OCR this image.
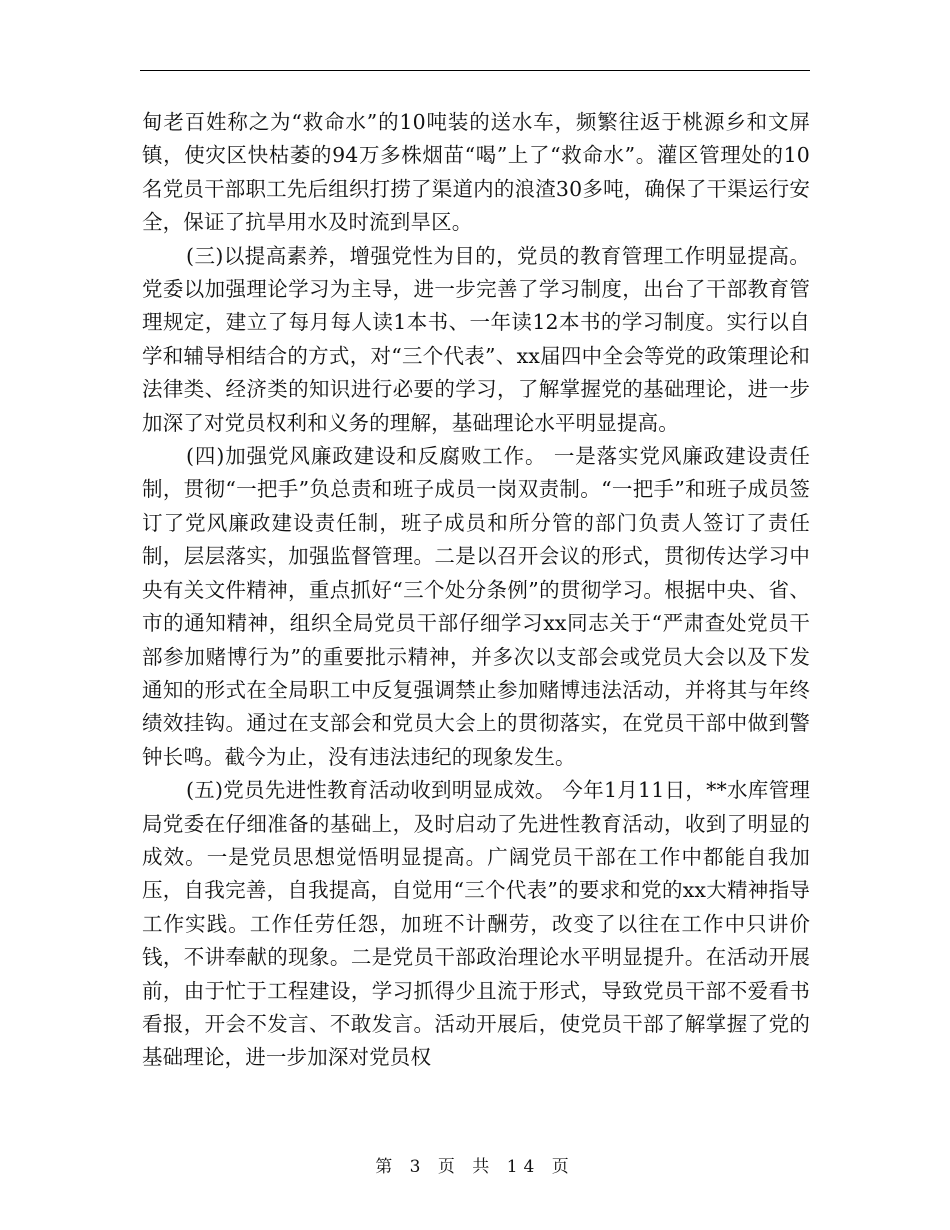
甸老百姓称之为“救命水”的10吨装的送水车，频繁往返于桃源乡和文屏镇，使灾区快枯萎的94万多株烟苗“喝”上了“救命水”。灌区管理处的10名党员干部职工先后组织打捞了渠道内的浪渣30多吨，确保了干渠运行安全，保证了抗旱用水及时流到旱区。

(三)以提高素养，增强党性为目的，党员的教育管理工作明显提高。 党委以加强理论学习为主导，进一步完善了学习制度，出台了干部教育管理规定，建立了每月每人读1本书、一年读12本书的学习制度。实行以自学和辅导相结合的方式，对“三个代表”、xx届四中全会等党的政策理论和法律类、经济类的知识进行必要的学习，了解掌握党的基础理论，进一步加深了对党员权利和义务的理解，基础理论水平明显提高。

(四)加强党风廉政建设和反腐败工作。 一是落实党风廉政建设责任制，贯彻“一把手”负总责和班子成员一岗双责制。“一把手”和班子成员签订了党风廉政建设责任制，班子成员和所分管的部门负责人签订了责任制，层层落实，加强监督管理。二是以召开会议的形式，贯彻传达学习中央有关文件精神，重点抓好“三个处分条例”的贯彻学习。根据中央、省、市的通知精神，组织全局党员干部仔细学习xx同志关于“严肃查处党员干部参加赌博行为”的重要批示精神，并多次以支部会或党员大会以及下发通知的形式在全局职工中反复强调禁止参加赌博违法活动，并将其与年终绩效挂钩。通过在支部会和党员大会上的贯彻落实，在党员干部中做到警钟长鸣。截今为止，没有违法违纪的现象发生。

(五)党员先进性教育活动收到明显成效。 今年1月11日，**水库管理局党委在仔细准备的基础上，及时启动了先进性教育活动，收到了明显的成效。一是党员思想觉悟明显提高。广阔党员干部在工作中都能自我加压，自我完善，自我提高，自觉用“三个代表”的要求和党的xx大精神指导工作实践。工作任劳任怨，加班不计酬劳，改变了以往在工作中只讲价钱，不讲奉献的现象。二是党员干部政治理论水平明显提升。在活动开展前，由于忙于工程建设，学习抓得少且流于形式，导致党员干部不爱看书看报，开会不发言、不敢发言。活动开展后，使党员干部了解掌握了党的基础理论，进一步加深对党员权

第 3 页 共 14 页
